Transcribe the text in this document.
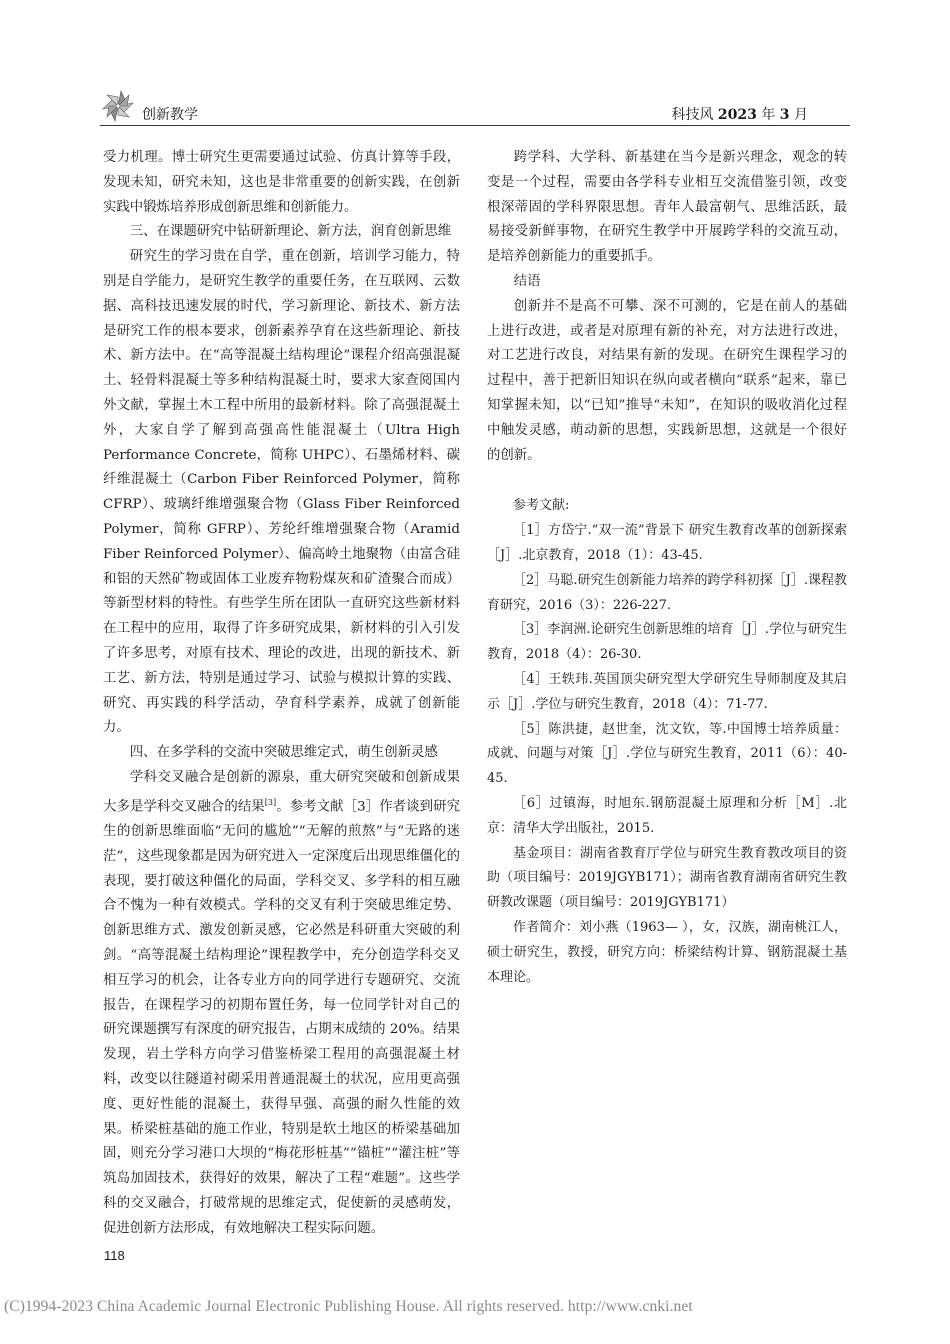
创新教学	科技风 2023 年 3 月

受力机理。博士研究生更需要通过试验、仿真计算等手段，发现未知，研究未知，这也是非常重要的创新实践，在创新实践中锻炼培养形成创新思维和创新能力。

三、在课题研究中钻研新理论、新方法，润育创新思维

研究生的学习贵在自学，重在创新，培训学习能力，特别是自学能力，是研究生教学的重要任务，在互联网、云数据、高科技迅速发展的时代，学习新理论、新技术、新方法是研究工作的根本要求，创新素养孕育在这些新理论、新技术、新方法中。在“高等混凝土结构理论”课程介绍高强混凝土、轻骨料混凝土等多种结构混凝土时，要求大家查阅国内外文献，掌握土木工程中所用的最新材料。除了高强混凝土外，大家自学了解到高强高性能混凝土（Ultra High Performance Concrete，简称 UHPC）、石墨烯材料、碳纤维混凝土（Carbon Fiber Reinforced Polymer，简称 CFRP）、玻璃纤维增强聚合物（Glass Fiber Reinforced Polymer，简称 GFRP）、芳纶纤维增强聚合物（Aramid Fiber Reinforced Polymer）、偏高岭土地聚物（由富含硅和铝的天然矿物或固体工业废弃物粉煤灰和矿渣聚合而成）等新型材料的特性。有些学生所在团队一直研究这些新材料在工程中的应用，取得了许多研究成果，新材料的引入引发了许多思考，对原有技术、理论的改进，出现的新技术、新工艺、新方法，特别是通过学习、试验与模拟计算的实践、研究、再实践的科学活动，孕育科学素养，成就了创新能力。

四、在多学科的交流中突破思维定式，萌生创新灵感

学科交叉融合是创新的源泉，重大研究突破和创新成果大多是学科交叉融合的结果[3]。参考文献［3］作者谈到研究生的创新思维面临“无问的尴尬”“无解的煎熬”与“无路的迷茫”，这些现象都是因为研究进入一定深度后出现思维僵化的表现，要打破这种僵化的局面，学科交叉、多学科的相互融合不愧为一种有效模式。学科的交叉有利于突破思维定势、创新思维方式、激发创新灵感，它必然是科研重大突破的利剑。“高等混凝土结构理论”课程教学中，充分创造学科交叉相互学习的机会，让各专业方向的同学进行专题研究、交流报告，在课程学习的初期布置任务，每一位同学针对自己的研究课题撰写有深度的研究报告，占期末成绩的 20%。结果发现，岩土学科方向学习借鉴桥梁工程用的高强混凝土材料，改变以往隧道衬砌采用普通混凝土的状况，应用更高强度、更好性能的混凝土，获得早强、高强的耐久性能的效果。桥梁桩基础的施工作业，特别是软土地区的桥梁基础加固，则充分学习港口大坝的“梅花形桩基”“锚桩”“灌注桩”等筑岛加固技术，获得好的效果，解决了工程“难题”。这些学科的交叉融合，打破常规的思维定式，促使新的灵感萌发，促进创新方法形成，有效地解决工程实际问题。

跨学科、大学科、新基建在当今是新兴理念，观念的转变是一个过程，需要由各学科专业相互交流借鉴引领，改变根深蒂固的学科界限思想。青年人最富朝气、思维活跃，最易接受新鲜事物，在研究生教学中开展跨学科的交流互动，是培养创新能力的重要抓手。

结语

创新并不是高不可攀、深不可测的，它是在前人的基础上进行改进，或者是对原理有新的补充，对方法进行改进，对工艺进行改良，对结果有新的发现。在研究生课程学习的过程中，善于把新旧知识在纵向或者横向“联系”起来，靠已知掌握未知，以“已知”推导“未知”，在知识的吸收消化过程中触发灵感，萌动新的思想，实践新思想，这就是一个很好的创新。

参考文献:

［1］方岱宁.“双一流”背景下 研究生教育改革的创新探索［J］.北京教育，2018（1）：43-45.

［2］马聪.研究生创新能力培养的跨学科初探［J］.课程教育研究，2016（3）：226-227.

［3］李润洲.论研究生创新思维的培育［J］.学位与研究生教育，2018（4）：26-30.

［4］王轶玮.英国顶尖研究型大学研究生导师制度及其启示［J］.学位与研究生教育，2018（4）：71-77.

［5］陈洪捷，赵世奎，沈文钦，等.中国博士培养质量：成就、问题与对策［J］.学位与研究生教育，2011（6）：40-45.

［6］过镇海，时旭东.钢筋混凝土原理和分析［M］.北京：清华大学出版社，2015.

基金项目：湖南省教育厅学位与研究生教育教改项目的资助（项目编号：2019JGYB171）；湖南省教育湖南省研究生教研教改课题（项目编号：2019JGYB171）

作者简介：刘小燕（1963— ），女，汉族，湖南桃江人，硕士研究生，教授，研究方向：桥梁结构计算、钢筋混凝土基本理论。

118
(C)1994-2023 China Academic Journal Electronic Publishing House. All rights reserved. http://www.cnki.net
